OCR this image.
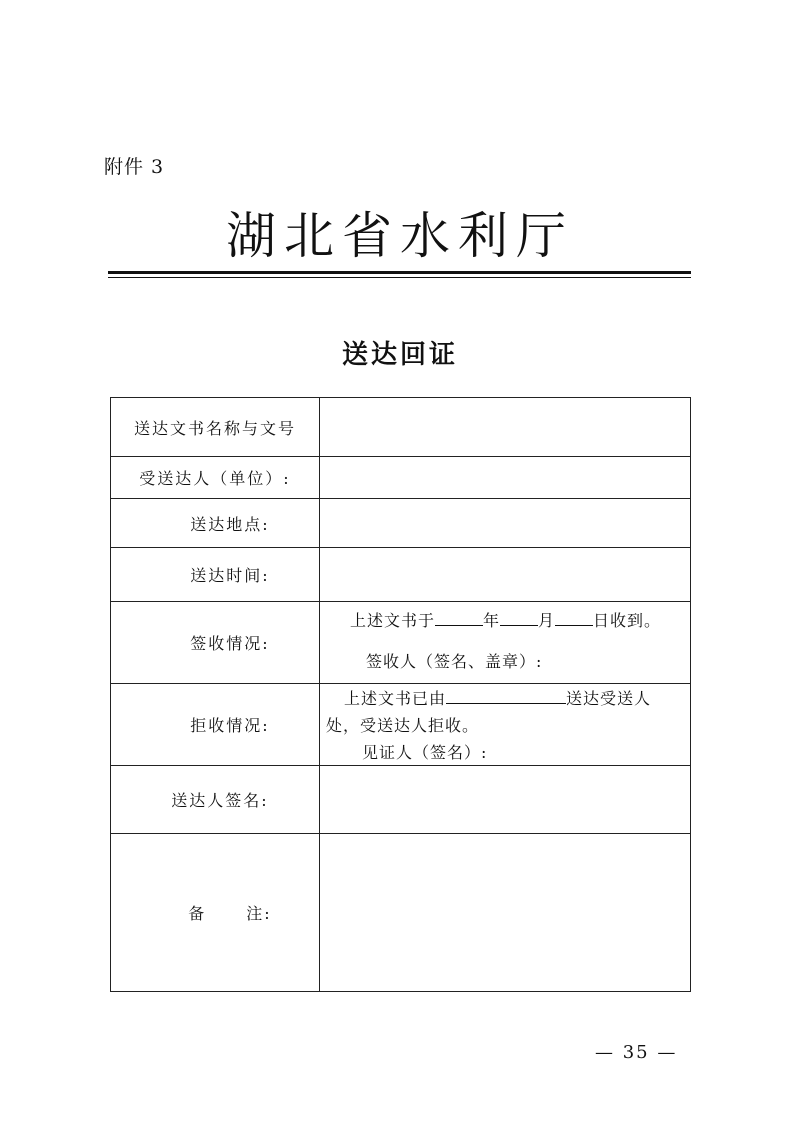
附件 3
湖北省水利厅
送达回证
送达文书名称与文号	
受送达人（单位）:	
送达地点:	
送达时间:	
签收情况:	上述文书于 年 月 日收到。
签收人（签名、盖章）:

拒收情况:	上述文书已由 送达受送人
处，受送达人拒收。
见证人（签名）:

送达人签名:	
备 注:	
— 35 —
